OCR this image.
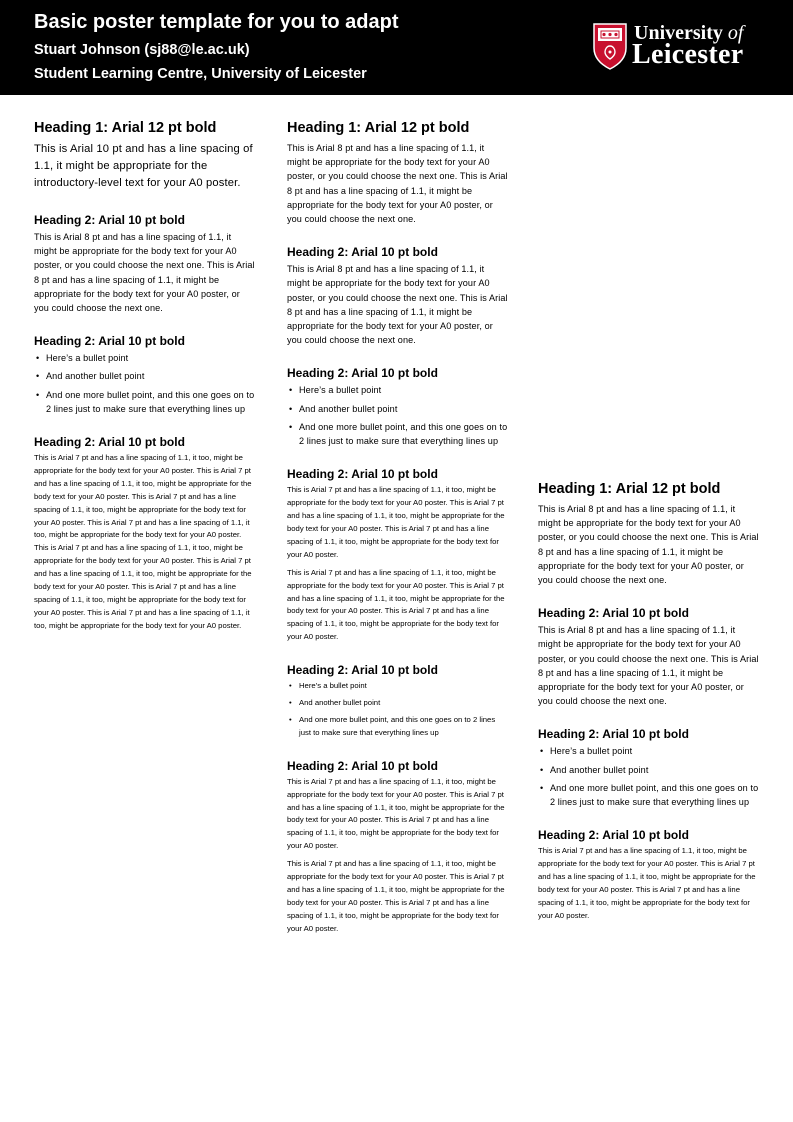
Basic poster template for you to adapt
Stuart Johnson (sj88@le.ac.uk)
Student Learning Centre, University of Leicester
University of
Leicester
Heading 1: Arial 12 pt bold

This is Arial 10 pt and has a line spacing of 1.1, it might be appropriate for the introductory-level text for your A0 poster.

Heading 2: Arial 10 pt bold

This is Arial 8 pt and has a line spacing of 1.1, it might be appropriate for the body text for your A0 poster, or you could choose the next one. This is Arial 8 pt and has a line spacing of 1.1, it might be appropriate for the body text for your A0 poster, or you could choose the next one.

Heading 2: Arial 10 pt bold
• Here’s a bullet point
• And another bullet point
• And one more bullet point, and this one goes on to 2 lines just to make sure that everything lines up
Heading 2: Arial 10 pt bold

This is Arial 7 pt and has a line spacing of 1.1, it too, might be appropriate for the body text for your A0 poster. This is Arial 7 pt and has a line spacing of 1.1, it too, might be appropriate for the body text for your A0 poster. This is Arial 7 pt and has a line spacing of 1.1, it too, might be appropriate for the body text for your A0 poster. This is Arial 7 pt and has a line spacing of 1.1, it too, might be appropriate for the body text for your A0 poster. This is Arial 7 pt and has a line spacing of 1.1, it too, might be appropriate for the body text for your A0 poster. This is Arial 7 pt and has a line spacing of 1.1, it too, might be appropriate for the body text for your A0 poster. This is Arial 7 pt and has a line spacing of 1.1, it too, might be appropriate for the body text for your A0 poster. This is Arial 7 pt and has a line spacing of 1.1, it too, might be appropriate for the body text for your A0 poster.

Heading 1: Arial 12 pt bold

This is Arial 8 pt and has a line spacing of 1.1, it might be appropriate for the body text for your A0 poster, or you could choose the next one. This is Arial 8 pt and has a line spacing of 1.1, it might be appropriate for the body text for your A0 poster, or you could choose the next one.

Heading 2: Arial 10 pt bold

This is Arial 8 pt and has a line spacing of 1.1, it might be appropriate for the body text for your A0 poster, or you could choose the next one. This is Arial 8 pt and has a line spacing of 1.1, it might be appropriate for the body text for your A0 poster, or you could choose the next one.

Heading 2: Arial 10 pt bold
• Here’s a bullet point
• And another bullet point
• And one more bullet point, and this one goes on to 2 lines just to make sure that everything lines up
Heading 2: Arial 10 pt bold

This is Arial 7 pt and has a line spacing of 1.1, it too, might be appropriate for the body text for your A0 poster. This is Arial 7 pt and has a line spacing of 1.1, it too, might be appropriate for the body text for your A0 poster. This is Arial 7 pt and has a line spacing of 1.1, it too, might be appropriate for the body text for your A0 poster.

This is Arial 7 pt and has a line spacing of 1.1, it too, might be appropriate for the body text for your A0 poster. This is Arial 7 pt and has a line spacing of 1.1, it too, might be appropriate for the body text for your A0 poster. This is Arial 7 pt and has a line spacing of 1.1, it too, might be appropriate for the body text for your A0 poster.

Heading 2: Arial 10 pt bold
• Here’s a bullet point
• And another bullet point
• And one more bullet point, and this one goes on to 2 lines just to make sure that everything lines up
Heading 2: Arial 10 pt bold

This is Arial 7 pt and has a line spacing of 1.1, it too, might be appropriate for the body text for your A0 poster. This is Arial 7 pt and has a line spacing of 1.1, it too, might be appropriate for the body text for your A0 poster. This is Arial 7 pt and has a line spacing of 1.1, it too, might be appropriate for the body text for your A0 poster.

This is Arial 7 pt and has a line spacing of 1.1, it too, might be appropriate for the body text for your A0 poster. This is Arial 7 pt and has a line spacing of 1.1, it too, might be appropriate for the body text for your A0 poster. This is Arial 7 pt and has a line spacing of 1.1, it too, might be appropriate for the body text for your A0 poster.

Heading 1: Arial 12 pt bold

This is Arial 8 pt and has a line spacing of 1.1, it might be appropriate for the body text for your A0 poster, or you could choose the next one. This is Arial 8 pt and has a line spacing of 1.1, it might be appropriate for the body text for your A0 poster, or you could choose the next one.

Heading 2: Arial 10 pt bold

This is Arial 8 pt and has a line spacing of 1.1, it might be appropriate for the body text for your A0 poster, or you could choose the next one. This is Arial 8 pt and has a line spacing of 1.1, it might be appropriate for the body text for your A0 poster, or you could choose the next one.

Heading 2: Arial 10 pt bold
• Here’s a bullet point
• And another bullet point
• And one more bullet point, and this one goes on to 2 lines just to make sure that everything lines up
Heading 2: Arial 10 pt bold

This is Arial 7 pt and has a line spacing of 1.1, it too, might be appropriate for the body text for your A0 poster. This is Arial 7 pt and has a line spacing of 1.1, it too, might be appropriate for the body text for your A0 poster. This is Arial 7 pt and has a line spacing of 1.1, it too, might be appropriate for the body text for your A0 poster.
